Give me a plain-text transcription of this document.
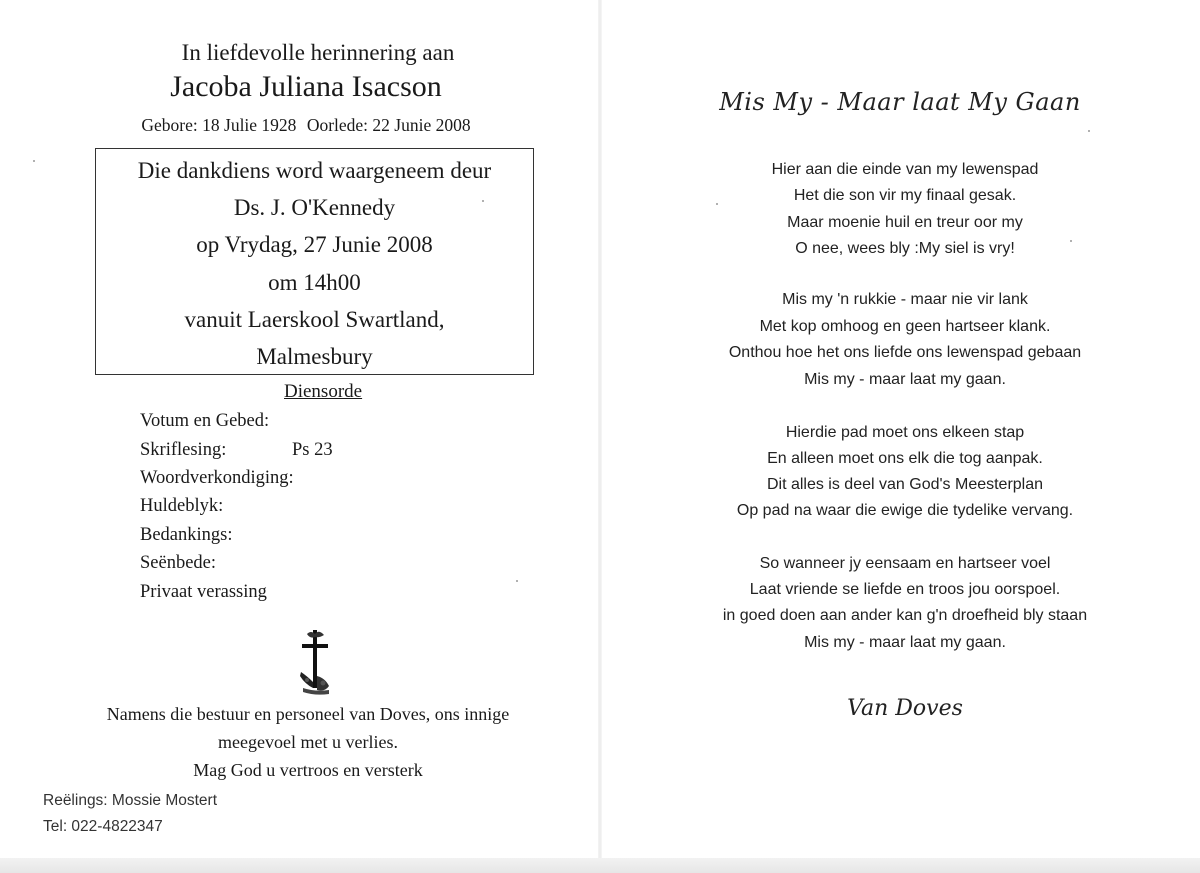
In liefdevolle herinnering aan
Jacoba Juliana Isacson
Gebore: 18 Julie 1928 Oorlede: 22 Junie 2008
Die dankdiens word waargeneem deur
Ds. J. O'Kennedy
op Vrydag, 27 Junie 2008
om 14h00
vanuit Laerskool Swartland,
Malmesbury
Diensorde
Votum en Gebed:
Skriflesing:	Ps 23
Woordverkondiging:
Huldeblyk:
Bedankings:
Seënbede:
Privaat verassing
Namens die bestuur en personeel van Doves, ons innige
meegevoel met u verlies.
Mag God u vertroos en versterk
Reëlings: Mossie Mostert
Tel: 022-4822347
Mis My - Maar laat My Gaan
Hier aan die einde van my lewenspad
Het die son vir my finaal gesak.
Maar moenie huil en treur oor my
O nee, wees bly :My siel is vry!
Mis my 'n rukkie - maar nie vir lank
Met kop omhoog en geen hartseer klank.
Onthou hoe het ons liefde ons lewenspad gebaan
Mis my - maar laat my gaan.
Hierdie pad moet ons elkeen stap
En alleen moet ons elk die tog aanpak.
Dit alles is deel van God's Meesterplan
Op pad na waar die ewige die tydelike vervang.
So wanneer jy eensaam en hartseer voel
Laat vriende se liefde en troos jou oorspoel.
in goed doen aan ander kan g'n droefheid bly staan
Mis my - maar laat my gaan.
Van Doves
